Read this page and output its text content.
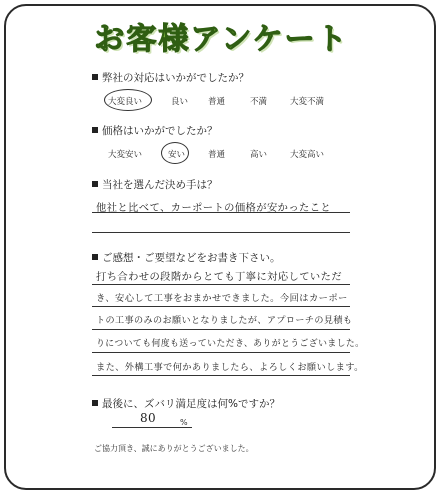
お客様アンケート
弊社の対応はいかがでしたか？
大変良い	良い 普通	不満	大変不満
価格はいかがでしたか？
大変安い	安い	普通	高い	大変高い
当社を選んだ決め手は？
他社と比べて、カーポートの価格が安かったこと
ご感想・ご要望などをお書き下さい。
打ち合わせの段階からとても丁寧に対応していただ
き、安心して工事をおまかせできました。今回はカーポー
トの工事のみのお願いとなりましたが、アプローチの見積も
りについても何度も送っていただき、ありがとうございました。
また、外構工事で何かありましたら、よろしくお願いします。
最後に、ズバリ満足度は何%ですか？
80	%
ご協力頂き、誠にありがとうございました。
